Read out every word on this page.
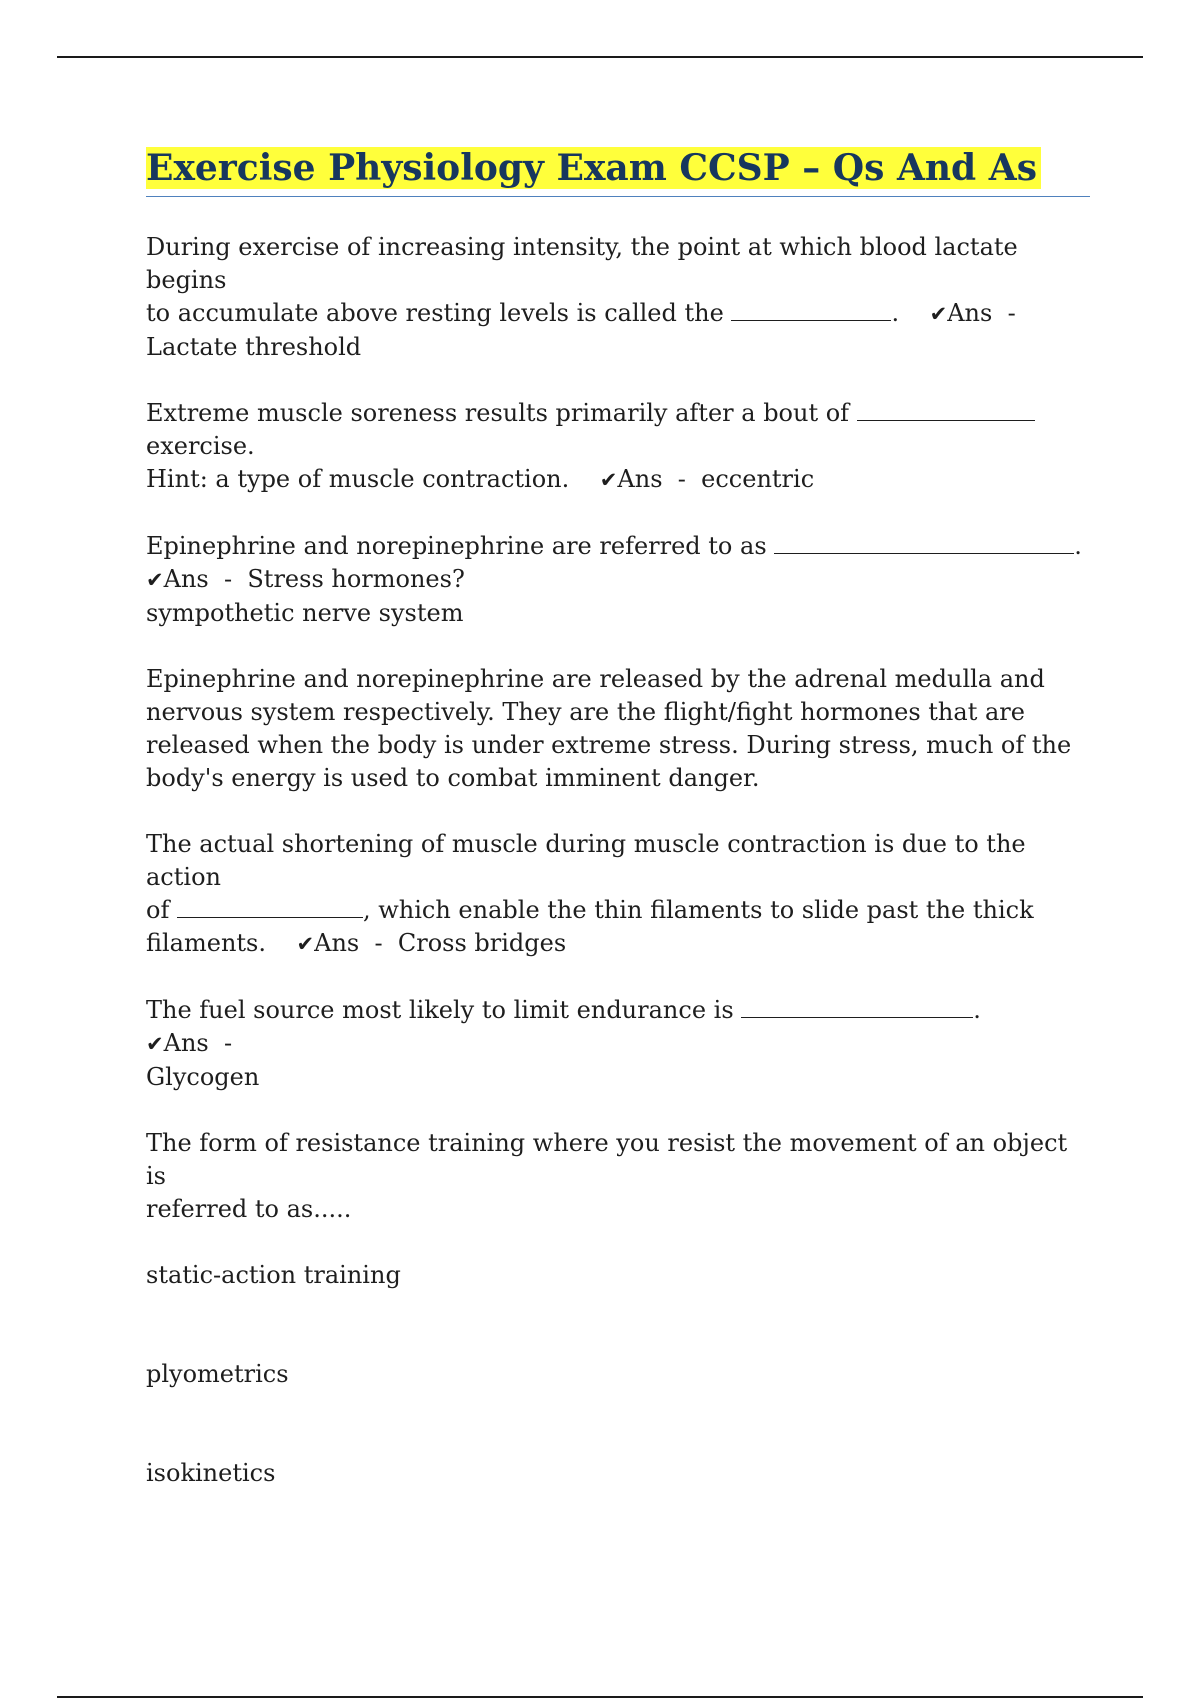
Exercise Physiology Exam CCSP – Qs And As
During exercise of increasing intensity, the point at which blood lactate begins
to accumulate above resting levels is called the	. ✔Ans -
Lactate threshold
Extreme muscle soreness results primarily after a bout of
exercise.
Hint: a type of muscle contraction. ✔Ans - eccentric
Epinephrine and norepinephrine are referred to as	.
✔Ans - Stress hormones?
sympothetic nerve system
Epinephrine and norepinephrine are released by the adrenal medulla and
nervous system respectively. They are the flight/fight hormones that are
released when the body is under extreme stress. During stress, much of the
body's energy is used to combat imminent danger.
The actual shortening of muscle during muscle contraction is due to the action
of	, which enable the thin filaments to slide past the thick
filaments. ✔Ans - Cross bridges
The fuel source most likely to limit endurance is	.    ✔Ans -
Glycogen
The form of resistance training where you resist the movement of an object is
referred to as.....
static-action training
plyometrics
isokinetics
